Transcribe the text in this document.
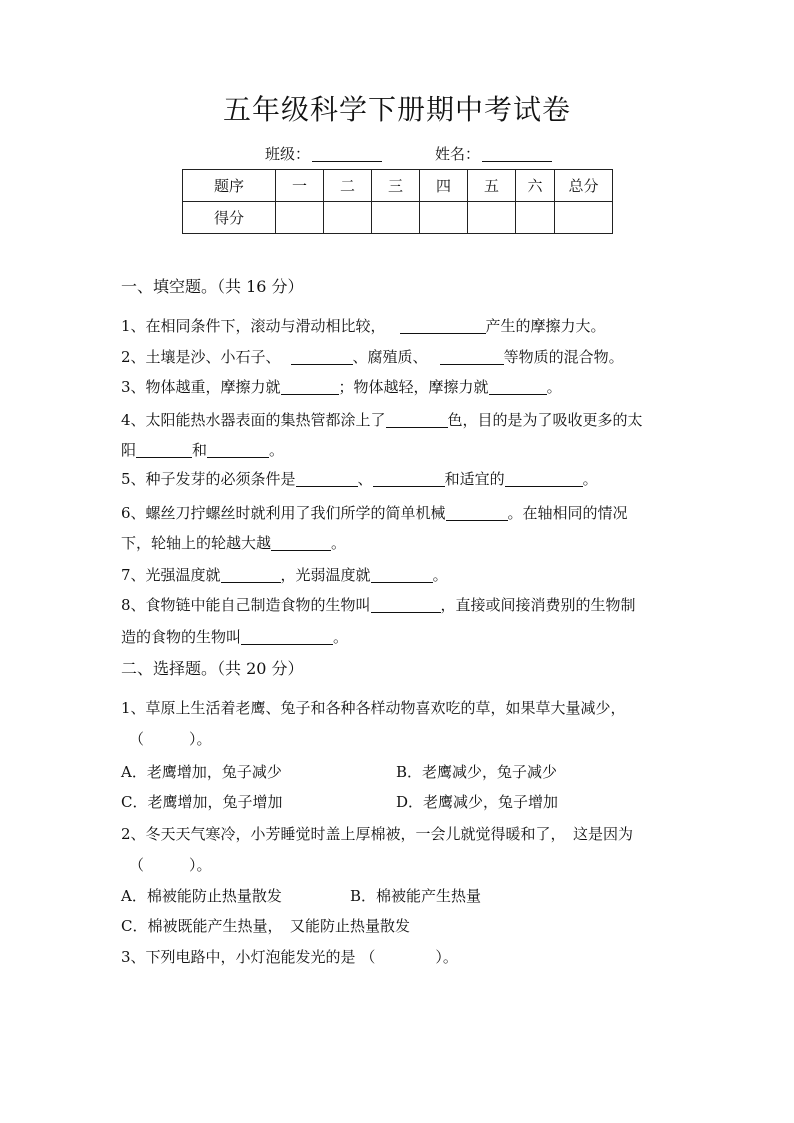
五年级科学下册期中考试卷
班级：	姓名：
题序	一	二	三	四	五	六	总分
得分							
一、填空题。（共 16 分）
1、在相同条件下，滚动与滑动相比较，	产生的摩擦力大。
2、土壤是沙、小石子、	、腐殖质、	等物质的混合物。
3、物体越重，摩擦力就	；物体越轻，摩擦力就	。
4、太阳能热水器表面的集热管都涂上了	色，目的是为了吸收更多的太
阳	和	。
5、种子发芽的必须条件是	、	和适宜的	。
6、螺丝刀拧螺丝时就利用了我们所学的简单机械	。在轴相同的情况
下，轮轴上的轮越大越	。
7、光强温度就	，光弱温度就	。
8、食物链中能自己制造食物的生物叫	，直接或间接消费别的生物制
造的食物的生物叫	。
二、选择题。（共 20 分）
1、草原上生活着老鹰、兔子和各种各样动物喜欢吃的草，如果草大量减少，
（　　　）。
A．老鹰增加，兔子减少	B．老鹰减少，兔子减少
C．老鹰增加，兔子增加	D．老鹰减少，兔子增加
2、冬天天气寒冷，小芳睡觉时盖上厚棉被，一会儿就觉得暖和了，　这是因为
（　　　）。
A．棉被能防止热量散发	B．棉被能产生热量
C．棉被既能产生热量，　又能防止热量散发
3、下列电路中，小灯泡能发光的是 （　　　　）。
